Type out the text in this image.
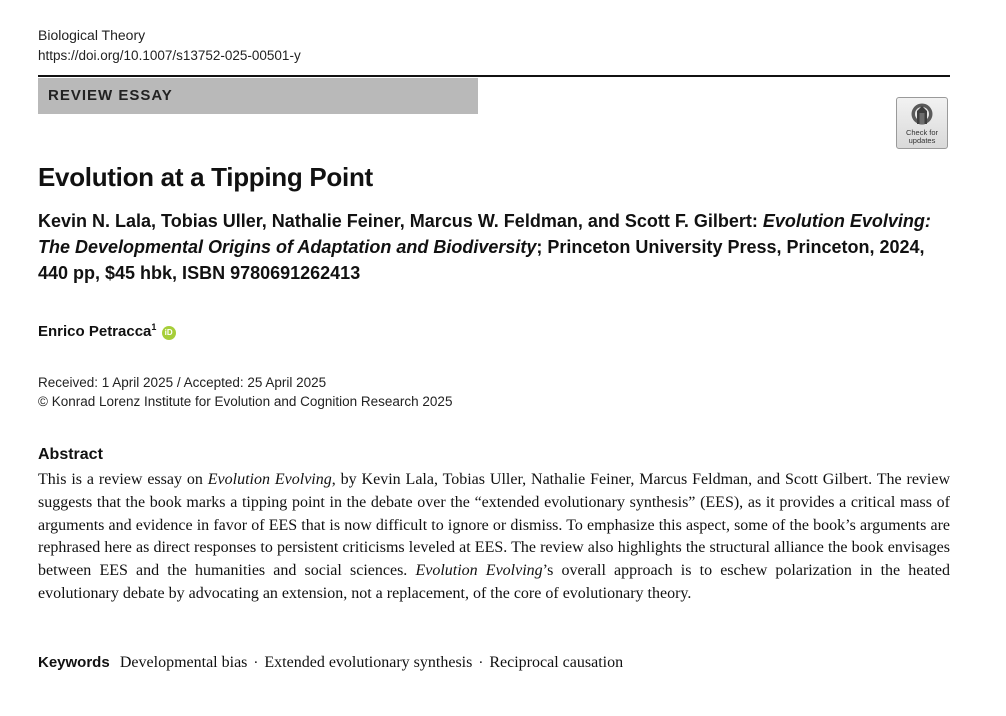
Biological Theory
https://doi.org/10.1007/s13752-025-00501-y
REVIEW ESSAY
Check for
updates
Evolution at a Tipping Point
Kevin N. Lala, Tobias Uller, Nathalie Feiner, Marcus W. Feldman, and Scott F. Gilbert: Evolution Evolving: The Developmental Origins of Adaptation and Biodiversity; Princeton University Press, Princeton, 2024, 440 pp, $45 hbk, ISBN 9780691262413
Enrico Petracca$^1$ iD
Received: 1 April 2025 / Accepted: 25 April 2025
© Konrad Lorenz Institute for Evolution and Cognition Research 2025
Abstract
This is a review essay on Evolution Evolving, by Kevin Lala, Tobias Uller, Nathalie Feiner, Marcus Feldman, and Scott Gilbert. The review suggests that the book marks a tipping point in the debate over the “extended evolutionary synthesis” (EES), as it provides a critical mass of arguments and evidence in favor of EES that is now difficult to ignore or dismiss. To emphasize this aspect, some of the book’s arguments are rephrased here as direct responses to persistent criticisms leveled at EES. The review also highlights the structural alliance the book envisages between EES and the humanities and social sciences. Evolution Evolving’s overall approach is to eschew polarization in the heated evolutionary debate by advocating an extension, not a replacement, of the core of evolutionary theory.
Keywords Developmental bias · Extended evolutionary synthesis · Reciprocal causation
